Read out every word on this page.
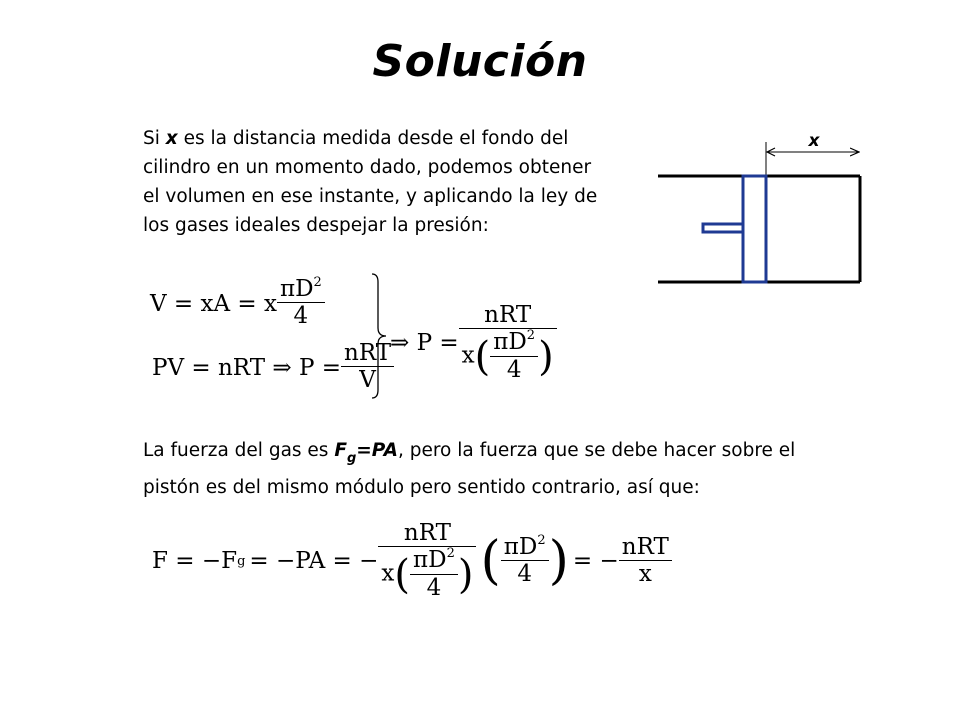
Solución
Si x es la distancia medida desde el fondo del
cilindro en un momento dado, podemos obtener
el volumen en ese instante, y aplicando la ley de
los gases ideales despejar la presión:
x
V = xA = x $\frac{\pi D^2}{4}$
PV = nRT ⇒ $P = \frac{\text{nRT}}{V}$
⇒ $P = \frac{\text{nRT}}{x( \frac{\pi D^2}{4} )}$
La fuerza del gas es $F_g=PA$, pero la fuerza que se debe hacer sobre el
pistón es del mismo módulo pero sentido contrario, así que:
F = −F g = −PA = − $\frac{\text{nRT}}{x( \frac{\pi D^2}{4} )}$ ( $\frac{\pi D^2}{4}$ ) = − $\frac{\text{nRT}}{x}$
